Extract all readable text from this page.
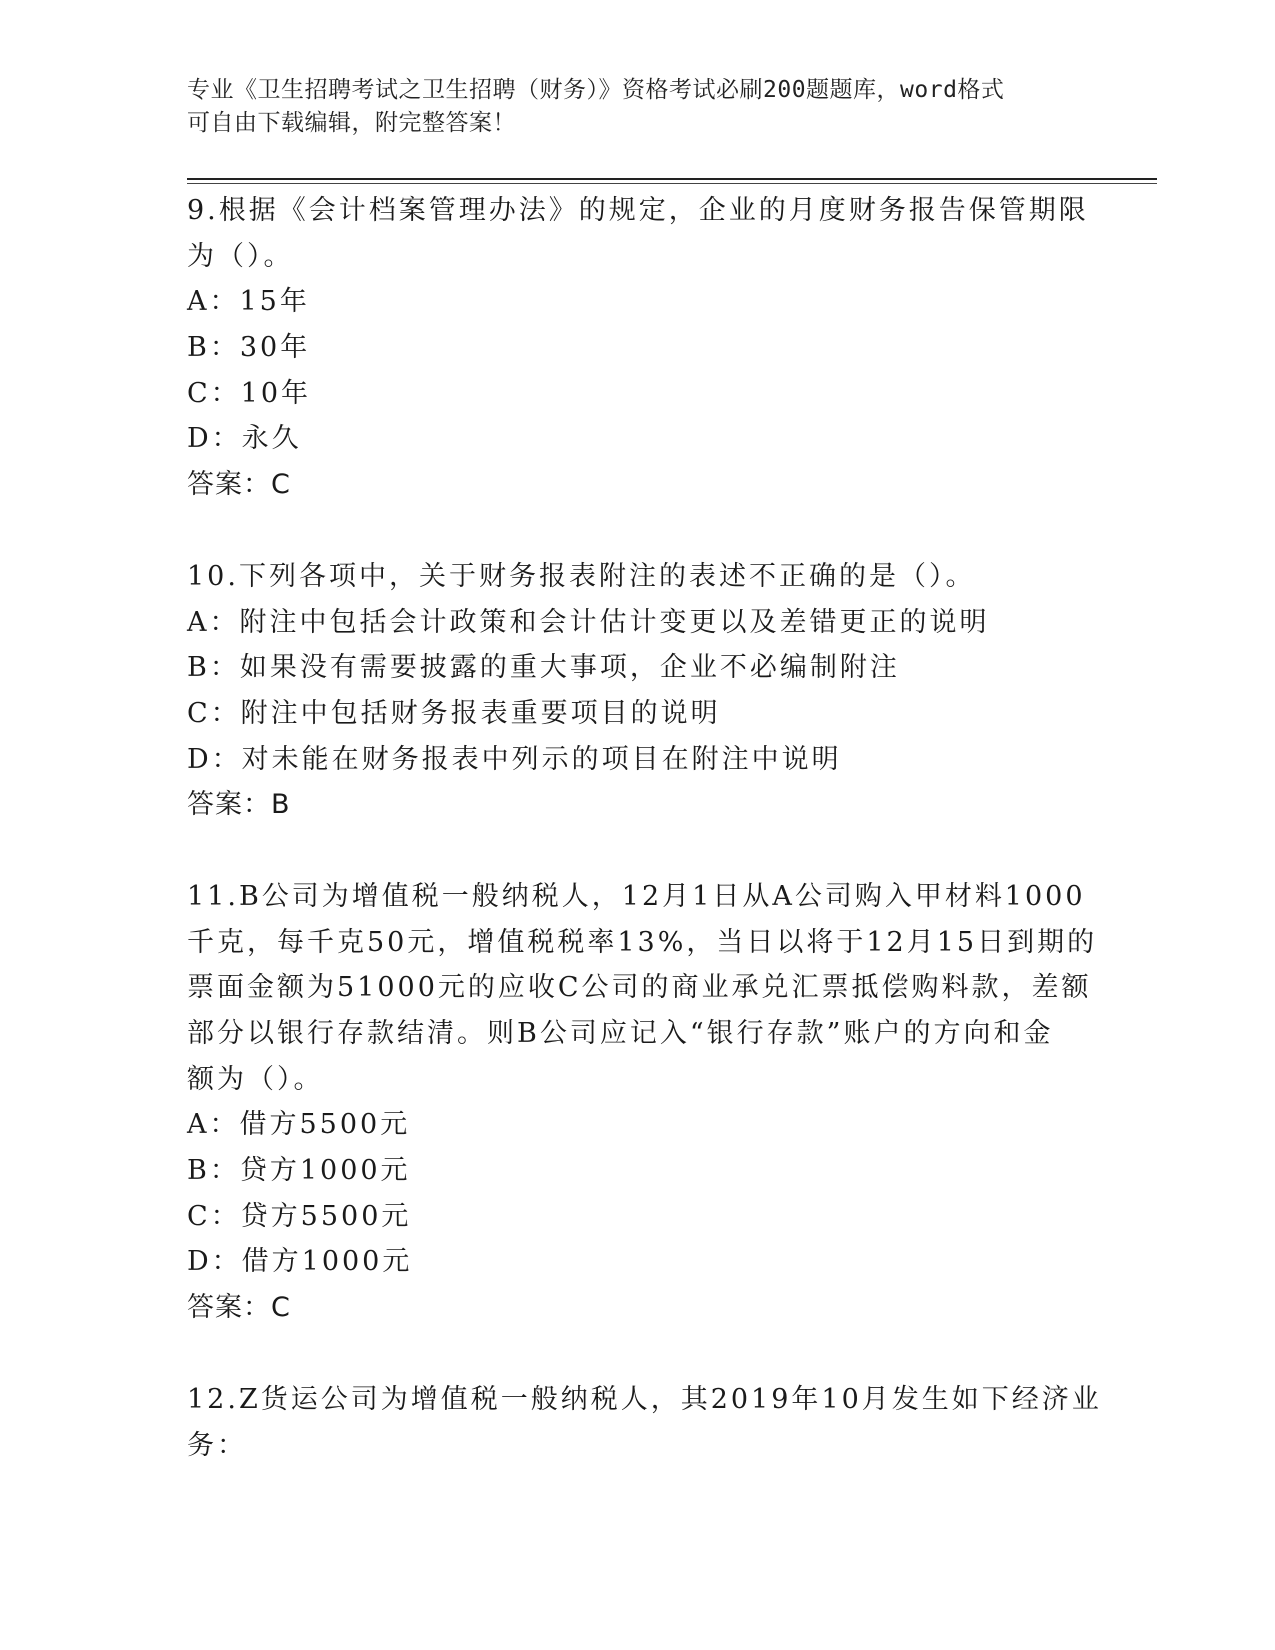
专业《卫生招聘考试之卫生招聘（财务）》资格考试必刷200题题库，word格式
可自由下载编辑，附完整答案！
9.根据《会计档案管理办法》的规定，企业的月度财务报告保管期限
为（）。
A：15年
B：30年
C：10年
D：永久
答案：C
10.下列各项中，关于财务报表附注的表述不正确的是（）。
A：附注中包括会计政策和会计估计变更以及差错更正的说明
B：如果没有需要披露的重大事项，企业不必编制附注
C：附注中包括财务报表重要项目的说明
D：对未能在财务报表中列示的项目在附注中说明
答案：B
11.B公司为增值税一般纳税人，12月1日从A公司购入甲材料1000
千克，每千克50元，增值税税率13%，当日以将于12月15日到期的
票面金额为51000元的应收C公司的商业承兑汇票抵偿购料款，差额
部分以银行存款结清。则B公司应记入“银行存款”账户的方向和金
额为（）。
A：借方5500元
B：贷方1000元
C：贷方5500元
D：借方1000元
答案：C
12.Z货运公司为增值税一般纳税人，其2019年10月发生如下经济业
务：
